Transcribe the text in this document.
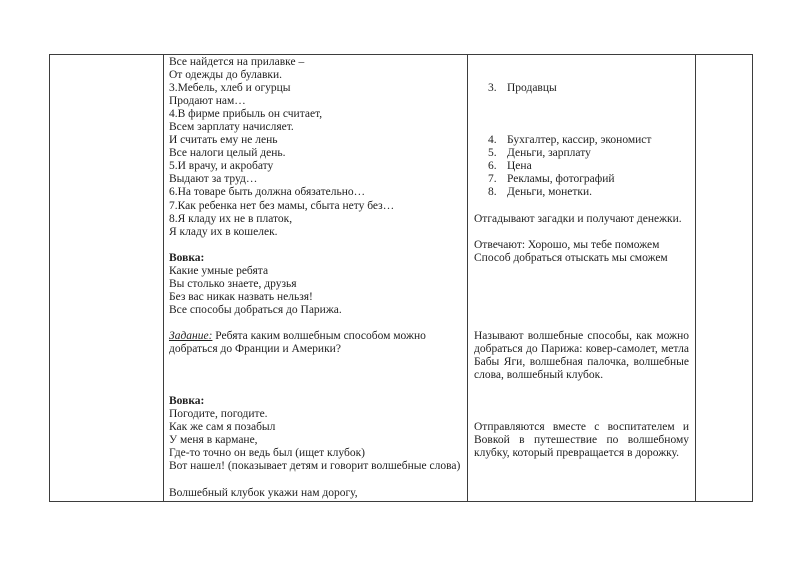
Все найдется на прилавке –
От одежды до булавки.
3.Мебель, хлеб и огурцы
Продают нам…
4.В фирме прибыль он считает,
Всем зарплату начисляет.
И считать ему не лень
Все налоги целый день.
5.И врачу, и акробату
Выдают за труд…
6.На товаре быть должна обязательно…
7.Как ребенка нет без мамы, сбыта нету без…
8.Я кладу их не в платок,
Я кладу их в кошелек.
Вовка:
Какие умные ребята
Вы столько знаете, друзья
Без вас никак назвать нельзя!
Все способы добраться до Парижа.
Задание: Ребята каким волшебным способом можно
добраться до Франции и Америки?
Вовка:
Погодите, погодите.
Как же сам я позабыл
У меня в кармане,
Где-то точно он ведь был (ищет клубок)
Вот нашел! (показывает детям и говорит волшебные слова)
Волшебный клубок укажи нам дорогу,
3. Продавцы
4. Бухгалтер, кассир, экономист
5. Деньги, зарплату
6. Цена
7. Рекламы, фотографий
8. Деньги, монетки.
Отгадывают загадки и получают денежки.
Отвечают: Хорошо, мы тебе поможем
Способ добраться отыскать мы сможем
Называют волшебные способы, как можно
добраться до Парижа: ковер-самолет, метла
Бабы Яги, волшебная палочка, волшебные
слова, волшебный клубок.
Отправляются вместе с воспитателем и
Вовкой в путешествие по волшебному
клубку, который превращается в дорожку.
